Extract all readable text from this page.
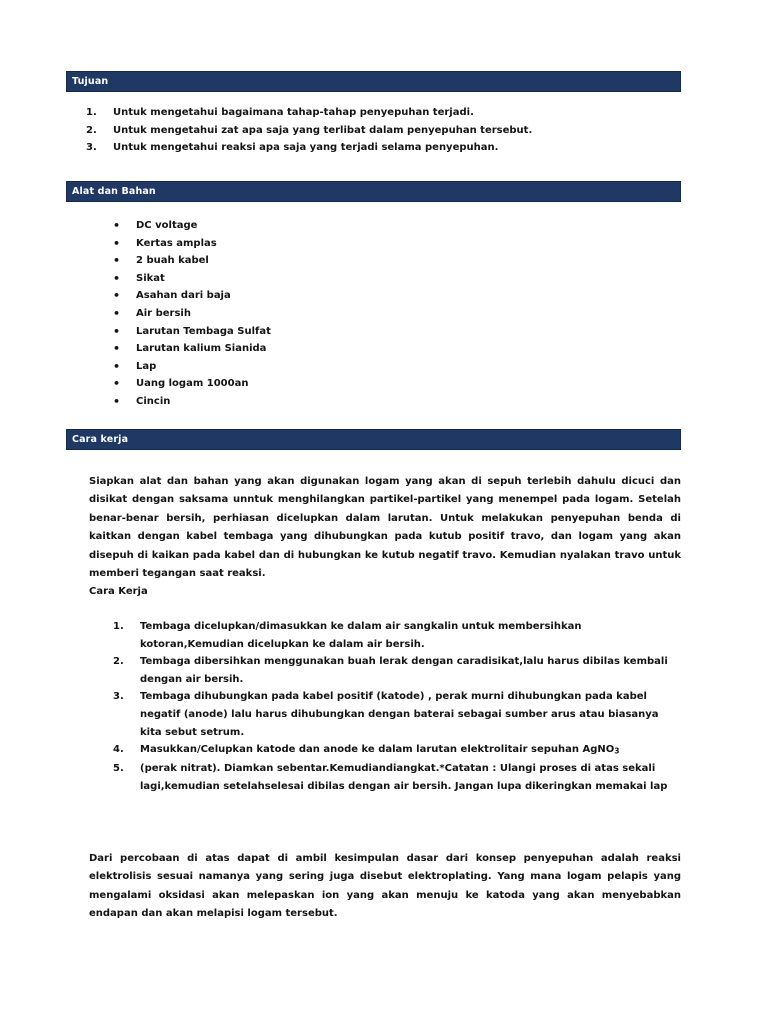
Tujuan
1.	Untuk mengetahui bagaimana tahap-tahap penyepuhan terjadi.
2.	Untuk mengetahui zat apa saja yang terlibat dalam penyepuhan tersebut.
3.	Untuk mengetahui reaksi apa saja yang terjadi selama penyepuhan.
Alat dan Bahan
•	DC voltage
•	Kertas amplas
•	2 buah kabel
•	Sikat
•	Asahan dari baja
•	Air bersih
•	Larutan Tembaga Sulfat
•	Larutan kalium Sianida
•	Lap
•	Uang logam 1000an
•	Cincin
Cara kerja

Siapkan alat dan bahan yang akan digunakan logam yang akan di sepuh terlebih dahulu dicuci dan disikat dengan saksama unntuk menghilangkan partikel-partikel yang menempel pada logam. Setelah benar-benar bersih, perhiasan dicelupkan dalam larutan. Untuk melakukan penyepuhan benda di kaitkan dengan kabel tembaga yang dihubungkan pada kutub positif travo, dan logam yang akan disepuh di kaikan pada kabel dan di hubungkan ke kutub negatif travo. Kemudian nyalakan travo untuk memberi tegangan saat reaksi.

Cara Kerja
1.	Tembaga dicelupkan/dimasukkan ke dalam air sangkalin untuk membersihkan kotoran,Kemudian dicelupkan ke dalam air bersih.
2.	Tembaga dibersihkan menggunakan buah lerak dengan caradisikat,lalu harus dibilas kembali dengan air bersih.
3.	Tembaga dihubungkan pada kabel positif (katode) , perak murni dihubungkan pada kabel negatif (anode) lalu harus dihubungkan dengan baterai sebagai sumber arus atau biasanya kita sebut setrum.
4.	Masukkan/Celupkan katode dan anode ke dalam larutan elektrolitair sepuhan AgNO$_3$
5.	(perak nitrat). Diamkan sebentar.Kemudiandiangkat.*Catatan : Ulangi proses di atas sekali lagi,kemudian setelahselesai dibilas dengan air bersih. Jangan lupa dikeringkan memakai lap

Dari percobaan di atas dapat di ambil kesimpulan dasar dari konsep penyepuhan adalah reaksi elektrolisis sesuai namanya yang sering juga disebut elektroplating. Yang mana logam pelapis yang mengalami oksidasi akan melepaskan ion yang akan menuju ke katoda yang akan menyebabkan endapan dan akan melapisi logam tersebut.
